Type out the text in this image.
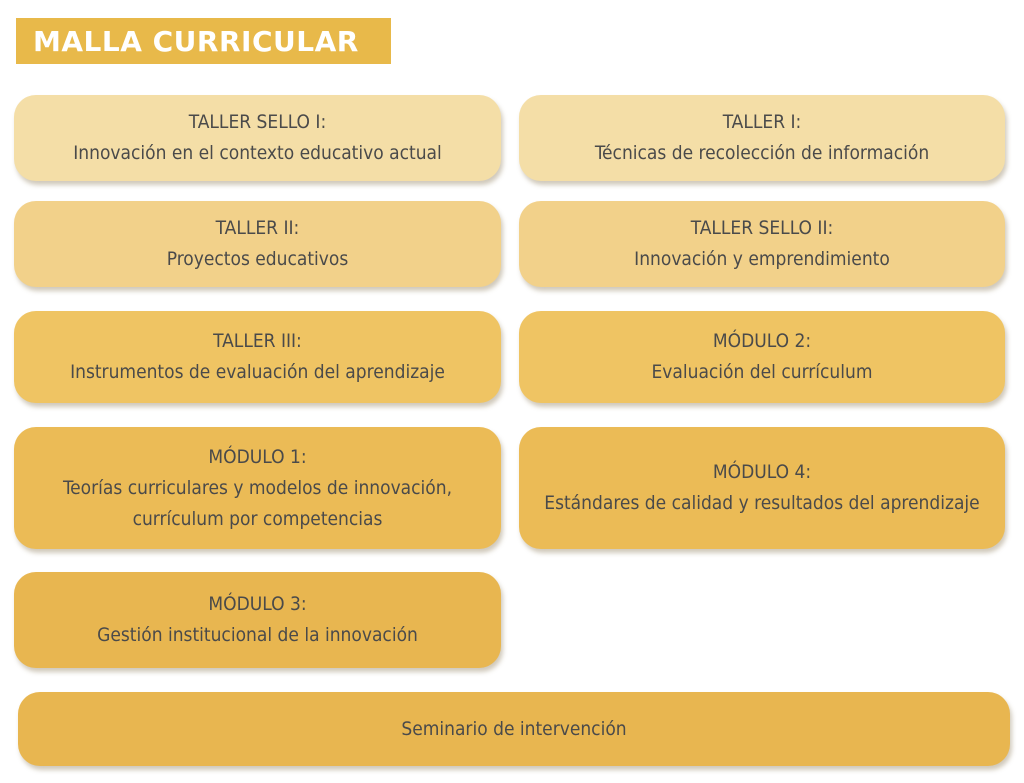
MALLA CURRICULAR
TALLER SELLO I:
Innovación en el contexto educativo actual
TALLER I:
Técnicas de recolección de información
TALLER II:
Proyectos educativos
TALLER SELLO II:
Innovación y emprendimiento
TALLER III:
Instrumentos de evaluación del aprendizaje
MÓDULO 2:
Evaluación del currículum
MÓDULO 1:
Teorías curriculares y modelos de innovación,
currículum por competencias
MÓDULO 4:
Estándares de calidad y resultados del aprendizaje
MÓDULO 3:
Gestión institucional de la innovación
Seminario de intervención
